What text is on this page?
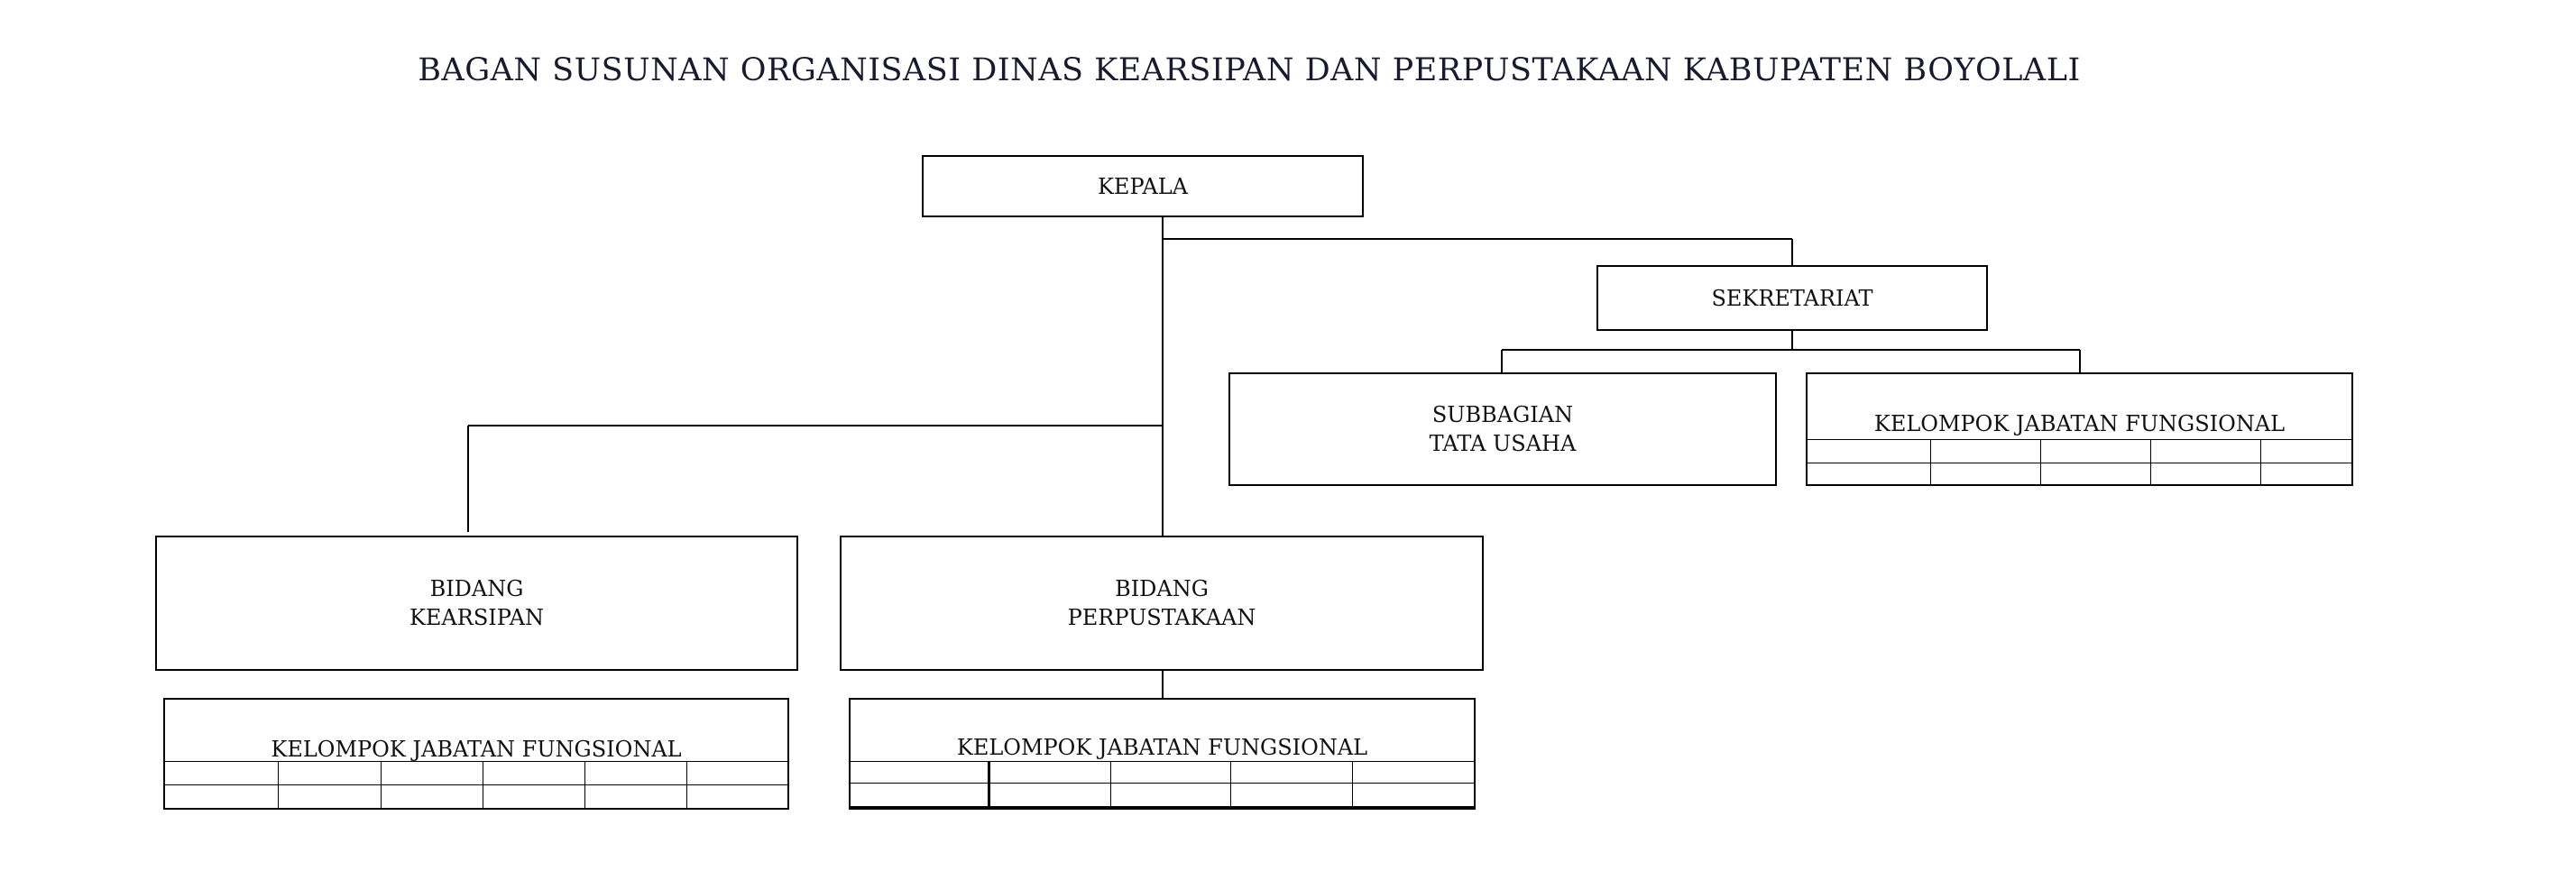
BAGAN SUSUNAN ORGANISASI DINAS KEARSIPAN DAN PERPUSTAKAAN KABUPATEN BOYOLALI
KEPALA
SEKRETARIAT
SUBBAGIAN
TATA USAHA
KELOMPOK JABATAN FUNGSIONAL
BIDANG
KEARSIPAN
BIDANG
PERPUSTAKAAN
KELOMPOK JABATAN FUNGSIONAL	KELOMPOK JABATAN FUNGSIONAL
